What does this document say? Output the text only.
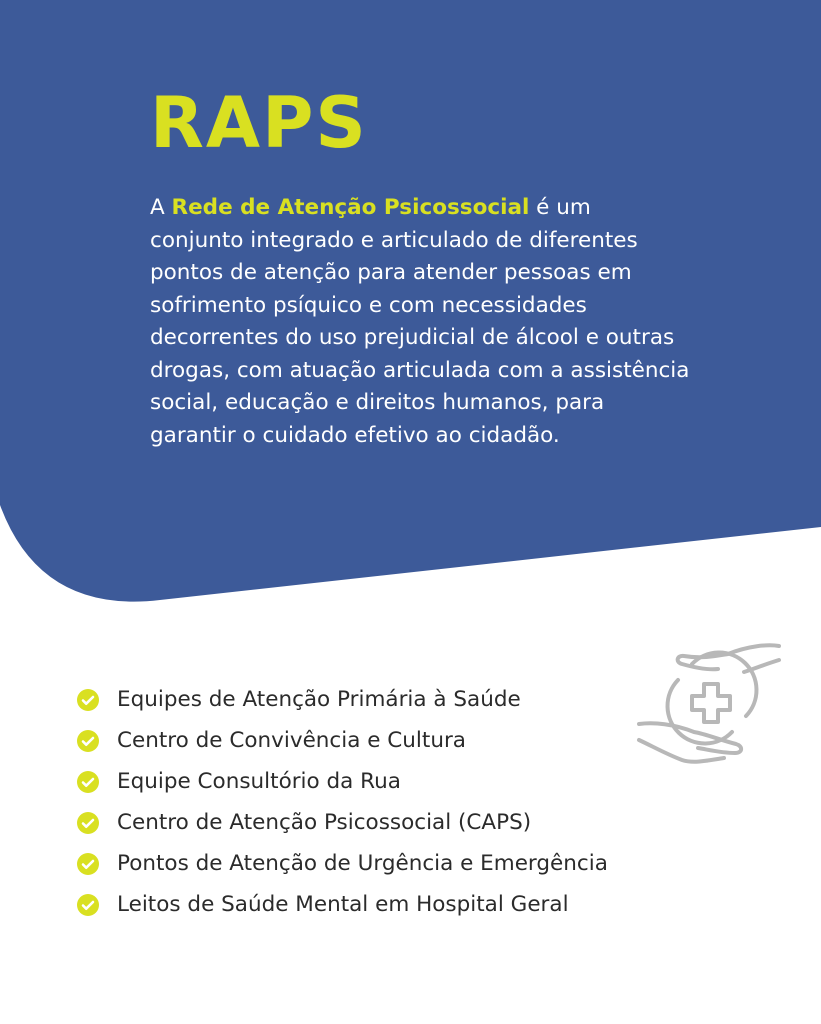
RAPS

A Rede de Atenção Psicossocial é um conjunto integrado e articulado de diferentes pontos de atenção para atender pessoas em sofrimento psíquico e com necessidades decorrentes do uso prejudicial de álcool e outras drogas, com atuação articulada com a assistência social, educação e direitos humanos, para garantir o cuidado efetivo ao cidadão.

Equipes de Atenção Primária à Saúde
Centro de Convivência e Cultura
Equipe Consultório da Rua
Centro de Atenção Psicossocial (CAPS)
Pontos de Atenção de Urgência e Emergência
Leitos de Saúde Mental em Hospital Geral
